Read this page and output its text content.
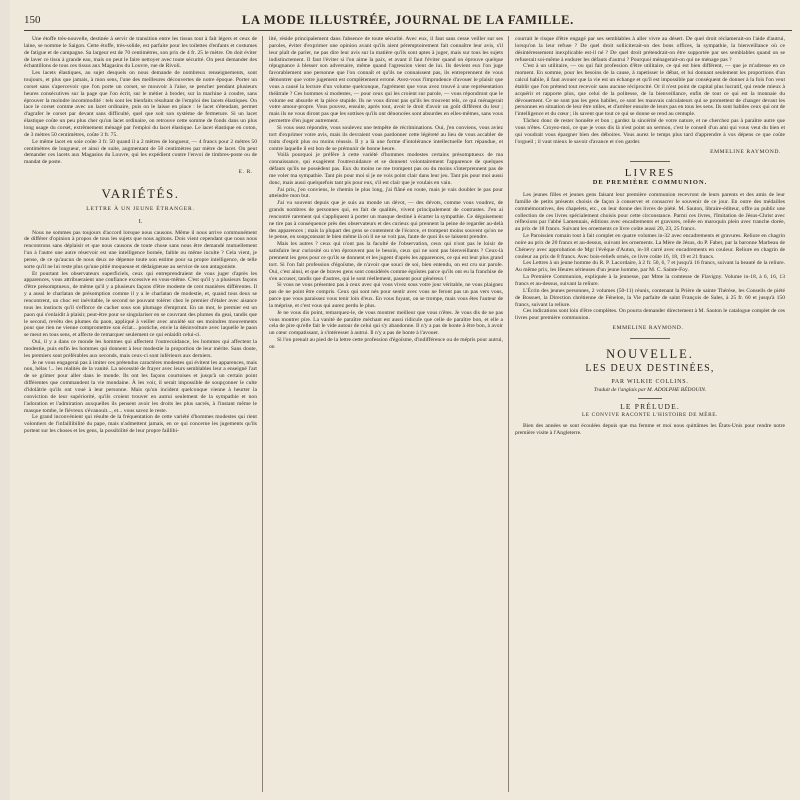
150	LA MODE ILLUSTRÉE, JOURNAL DE LA FAMILLE.

Une étoffe très-nouvelle, destinée à servir de transition entre les tissus tout à fait légers et ceux de laine, se nomme le Saigon. Cette étoffe, très-solide, est parfaite pour les toilettes d'enfants et costumes de fatigue et de campagne. Sa largeur est de 70 centimètres, son prix de 4 fr. 25 le mètre. On doit éviter de laver ce tissu à grande eau, mais on peut le faire nettoyer avec toute sécurité. On peut demander des échantillons de tous ces tissus aux Magasins du Louvre, rue de Rivoli.

Les lacets élastiques, au sujet desquels on nous demande de nombreux renseignements, sont toujours, et plus que jamais, à mon sens, l'une des meilleures découvertes de notre époque. Porter un corset sans s'apercevoir que l'on porte un corset, se mouvoir à l'aise, se pencher pendant plusieurs heures consécutives sur la page que l'on écrit, sur le métier à broder, sur la machine à coudre, sans éprouver la moindre incommodité : tels sont les bienfaits résultant de l'emploi des lacets élastiques. On lace le corset comme avec un lacet ordinaire, puis on le laisse en place : le lacet s'étendant, permet d'agrafer le corset par devant sans difficulté, quel que soit son système de fermeture. Si un lacet élastique coûte un peu plus cher qu'un lacet ordinaire, on retrouve cette somme de fonds dans un plus long usage du corset, extrêmement ménagé par l'emploi du lacet élastique. Le lacet élastique en coton, de 3 mètres 50 centimètres, coûte 3 fr. 75.

Le même lacet en soie coûte 3 fr. 50 quand il a 2 mètres de longueur, — 4 francs pour 2 mètres 50 centimètres de longueur, et ainsi de suite, augmentant de 50 centimètres par mètre de lacet. On peut demander ces lacets aux Magasins du Louvre, qui les expédient contre l'envoi de timbres-poste ou de mandat de poste.

E. R.
VARIÉTÉS.
LETTRE À UN JEUNE ÉTRANGER.
I.

Nous ne sommes pas toujours d'accord lorsque nous causons. Même il nous arrive communément de différer d'opinion à propos de tous les sujets que nous agitons. Dois vient cependant que nous nous rencontrons sans déplaisir et que nous causons de toute chose sans nous être demandé mutuellement l'un à l'autre une autre réservoir est une intelligence bornée, faible ou même inculte ? Cela vient, je pense, de ce qu'aucun de nous deux ne dépense toute son estime pour sa propre intelligence, de telle sorte qu'il ne lui reste plus qu'une pitié moqueuse et dédaigneuse au service de son antagoniste.

Et pourtant les observateurs superficiels, ceux qui entreprendraient de vous juger d'après les apparences, vous attribueraient une confiance excessive en vous-même. C'est qu'il y a plusieurs façons d'être présomptueux, de même qu'il y a plusieurs façons d'être modeste de cent manières différentes. Il y a aussi le charlatan de présomption comme il y a le charlatan de modestie, et, quand tous deux se rencontrent, un choc est inévitable, le second ne pouvant tolérer chez le premier d'étaler avec aisance tous les instincts qu'il s'efforce de cacher sous son plumage d'emprunt. En un mot, le premier est un paon qui s'enlaidit à plaisir, peut-être pour se singulariser en se couvrant des plumes du geai, tandis que le second, revêtu des plumes du paon, appliqué à veiller avec anxiété sur ses moindres mouvements pour que rien ne vienne compromettre son éclat... postiche, envie la désinvolture avec laquelle le paon se meut en tous sens, et affecte de remarquer seulement ce qui enlaidit celui-ci.

Oui, il y a dans ce monde les hommes qui affectent l'outrecuidance, les hommes qui affectent la modestie, puis enfin les hommes qui donnent à leur modestie la proportion de leur mérite. Sans doute, les premiers sont préférables aux seconds, mais ceux-ci sont inférieurs aux derniers.

Je ne vous engagerai pas à imiter ces prétendus caractères modestes qui évitent les apparences, mais non, hélas !... les réalités de la vanité. La nécessité de frayer avec leurs semblables leur a enseigné l'art de se grimer pour aller dans le monde. Ils ont les façons courtoises et jusqu'à un certain point différentes que commandent la vie mondaine. À les voir, il serait impossible de soupçonner le culte d'idolâtrie qu'ils ont voué à leur personne. Mais qu'un incident quelconque vienne à heurter la conviction de leur supériorité, qu'ils croient trouver en autrui seulement de la sympathie et non l'adoration et l'admiration auxquelles ils pensent avoir les droits les plus sacrés, à l'instant même le masque tombe, le fiévreux s'évanouit..., et... vous savez le reste.

Le grand inconvénient qui résulte de la fréquentation de cette variété d'hommes modestes qui rient volontiers de l'infaillibilité du pape, mais n'admettent jamais, en ce qui concerne les jugements qu'ils portent sur les choses et les gens, la possibilité de leur propre faillibi-

lité, réside principalement dans l'absence de toute sécurité. Avec eux, il faut sans cesse veiller sur ses paroles, éviter d'exprimer une opinion avant qu'ils aient péremptoirement fait connaître leur avis, s'il leur plaît de parler, ne pas dire leur avis sur la matière qu'ils sont aptes à juger, mais sur tous les sujets indistinctement. Il faut l'éviter si l'on aime la paix, et avant il faut l'éviter quand on éprouve quelque répugnance à blesser son adversaire, même quand l'agression vient de lui. Ils devient eux l'on juge favorablement une personne que l'on connaît et qu'ils ne connaissent pas, ils entreprennent de vous démontrer que votre jugement est complètement erroné. Avez-vous l'imprudence d'avouer le plaisir que vous a causé la lecture d'un volume quelconque, l'agrément que vous avez trouvé à une représentation théâtrale ? Ces hommes si modestes, — pour ceux qui les croient sur parole, — vous répondront que le volume est absurde et la pièce stupide. Ils ne vous diront pas qu'ils les trouvent tels, ce qui ménagerait votre amour-propre. Vous pouvez, ensuite, après tout, avoir le droit d'avoir un goût différent du leur ; mais ils ne vous diront pas que les sottises qu'ils ont dénoncées sont absurdes en elles-mêmes, sans vous permettre d'en juger autrement.

Si vous osez répondre, vous soulevez une tempête de récriminations. Oui, j'en conviens, vous aviez tort d'exprimer votre avis, mais ils devraient vous pardonner cette légèreté au lieu de vous accabler de traits d'esprit plus ou moins réussis. Il y a là une forme d'intolérance intellectuelle fort répandue, et contre laquelle il est bon de se prémunir de bonne heure.

Voilà pourquoi je préfère à cette variété d'hommes modestes certains présomptueux de ma connaissance, qui exagèrent l'outrecuidance et se donnent volontairement l'apparence de quelques défauts qu'ils ne possèdent pas. Eux du moins ne me trompent pas ou du moins s'interprennent pas de me voler ma sympathie. Tant pis pour moi si je ne vois point clair dans leur jeu. Tant pis pour moi aussi donc, mais aussi quelquefois tant pis pour eux, s'il est clair que je voulais en vain.

J'ai pris, j'en conviens, le chemin le plus long, j'ai flâné en route, mais je vais doubler le pas pour atteindre mon but.

J'ai vu souvent depuis que je suis au monde un dévot, — des dévots, comme vous voudrez, de grands nombres de personnes qui, en fait de qualités, vivent principalement de contrastes. J'en ai rencontré rarement qui s'appliquent à porter un masque destiné à écarter la sympathie. Ce déguisement ne tire pas à conséquence près des observateurs et des curieux qui prennent la peine de regarder au-delà des apparences ; mais la plupart des gens se contentent de l'écorce, et trompent moins souvent qu'on ne le pense, en soupçonnant le bien même là où il ne se voit pas, faute de quoi ils se laissent prendre.

Mais les autres ? ceux qui n'ont pas la faculté de l'observation, ceux qui n'ont pas le loisir de satisfaire leur curiosité ou n'en éprouvent pas le besoin, ceux qui ne sont pas bienveillants ? Ceux-là prennent les gens pour ce qu'ils se donnent et les jugent d'après les apparences, ce qui est leur plus grand tort. Si l'on fait profession d'égoïsme, de n'avoir que souci de soi, bien entendu, on est cru sur parole. Oui, c'est ainsi, et que de braves gens sont considérés comme égoïstes parce qu'ils ont eu la franchise de s'en accuser, tandis que d'autres, qui le sont réellement, passent pour généreux !

Si vous ne vous présentez pas à ceux avec qui vous vivez sous votre jour véritable, ne vous plaignez pas de ne point être compris. Ceux qui sont nés pour sentir avec vous ne feront pas un pas vers vous, parce que vous paraissez vous tenir loin d'eux. En vous fuyant, on se trompe, mais vous êtes l'auteur de la méprise, et c'est vous qui aurez perdu le plus.

Je ne vous dis point, remarquez-le, de vous montrer meilleur que vous n'êtes. Je vous dis de ne pas vous montrer pire. La vanité de paraître méchant est aussi ridicule que celle de paraître bon, et elle a cela de pire qu'elle fait le vide autour de celui qui s'y abandonne. Il n'y a pas de honte à être bon, à avoir un cœur compatissant, à s'intéresser à autrui. Il n'y a pas de honte à l'avouer.

Si l'on prenait au pied de la lettre cette profession d'égoïsme, d'indifférence ou de mépris pour autrui, on

courrait le risque d'être engagé par ses semblables à aller vivre au désert. De quel droit réclamerait-on l'aide d'autrui, lorsqu'on la leur refuse ? De quel droit solliciterait-on des bons offices, la sympathie, la bienveillance où ce désintéressement inexplicable est-il né ? De quel droit prétendrait-on être supportée par ses semblables quand on se refuserait soi-même à endurer les défauts d'autrui ? Pourquoi ménagerait-on qui ne ménage pas ?

C'est à un utilitaire, — ou qui fait profession d'être utilitaire, ce qui est bien différent, — que je m'adresse en ce moment. En somme, pour les besoins de la cause, à rapetisser le débat, et lui donnant seulement les proportions d'un calcul habile, il faut avouer que la vie est un échange et qu'il est impossible par conséquent de donner à la fois l'on veut établir que l'on prétend tout recevoir sans aucune réciprocité. Or il n'est point de capital plus lucratif, qui rende mieux à acquérir et rapporte plus, que celui de la politesse, de la bienveillance, enfin de tout ce qui est la monnaie du dévouement. Ce ne sont pas les gens habiles, ce sont les mauvais calculateurs qui se promettent de changer devant les personnes en situation de leur être utiles, et d'arrêter ensuite de leurs pas en tous les sens. Ils sont habiles ceux qui ont de l'intelligence et du cœur ; ils savent que tout ce qui se donne se rend au centuple.

Tâchez donc de rester honnête et bon ; gardez la sincérité de votre nature, et ne cherchez pas à paraître autre que vous n'êtes. Croyez-moi, ce que je vous dis là n'est point un sermon, c'est le conseil d'un ami qui vous veut du bien et qui voudrait vous épargner bien des déboires. Vous aurez le temps plus tard d'apprendre à vos dépens ce que coûte l'orgueil ; il vaut mieux le savoir d'avance et s'en garder.

EMMELINE RAYMOND.
LIVRES
DE PREMIÈRE COMMUNION.

Les jeunes filles et jeunes gens faisant leur première communion recevront de leurs parents et des amis de leur famille de petits présents choisis de façon à conserver et consacrer le souvenir de ce jour. En outre des médailles commémoratives, des chapelets, etc., on leur donne des livres de piété. M. Sauton, libraire-éditeur, offre au public une collection de ces livres spécialement choisis pour cette circonstance. Parmi ces livres, l'Imitation de Jésus-Christ avec réflexions par l'abbé Lamennais, éditions avec encadrements et gravures, reliée en maroquin plein avec tranche dorée, au prix de 18 francs. Suivant les ornements ce livre coûte aussi 20, 23, 25 francs.

Le Paroissien romain tout à fait complet en quatre volumes in-32 avec encadrements et gravures. Reliure en chagrin noire au prix de 20 francs et au-dessus, suivant les ornements. La Mère de Jésus, du P. Faber, par la baronne Marbeau de Chénevy avec approbation de Mgr l'évêque d'Autun, in-18 carré avec encadrements en couleur. Reliure en chagrin de couleur au prix de 8 francs. Avec bois-reliefs ornés, ce livre coûte 16, 18, 19 et 21 francs.

Les Lettres à un jeune homme du R. P. Lacordaire, à 2 fr. 50, 6, 7 et jusqu'à 16 francs, suivant la beauté de la reliure. Au même prix, les Heures sérieuses d'un jeune homme, par M. C. Sainte-Foy.

La Première Communion, expliquée à la jeunesse, par Mme la comtesse de Flavigny. Volume in-18, à 6, 16, 13 francs et au-dessus, suivant la reliure.

L'Écrin des jeunes personnes, 2 volumes (50-11) réunis, contenant la Prière de sainte Thérèse, les Conseils de piété de Bossuet, la Direction chrétienne de Fénelon, la Vie parfaite de saint François de Sales, à 25 fr. 60 et jusqu'à 150 francs, suivant la reliure.

Ces indications sont loin d'être complètes. On pourra demander directement à M. Sauton le catalogue complet de ces livres pour première communion.

EMMELINE RAYMOND.
NOUVELLE.
LES DEUX DESTINÉES,
PAR WILKIE COLLINS.
Traduit de l'anglais par M. ADOLPHE BÉDOUIN.
LE PRÉLUDE.
LE CONVIVE RACONTE L'HISTOIRE DE MÈRE.

Bien des années se sont écoulées depuis que ma femme et moi nous quittâmes les États-Unis pour rendre notre première visite à l'Angleterre.
